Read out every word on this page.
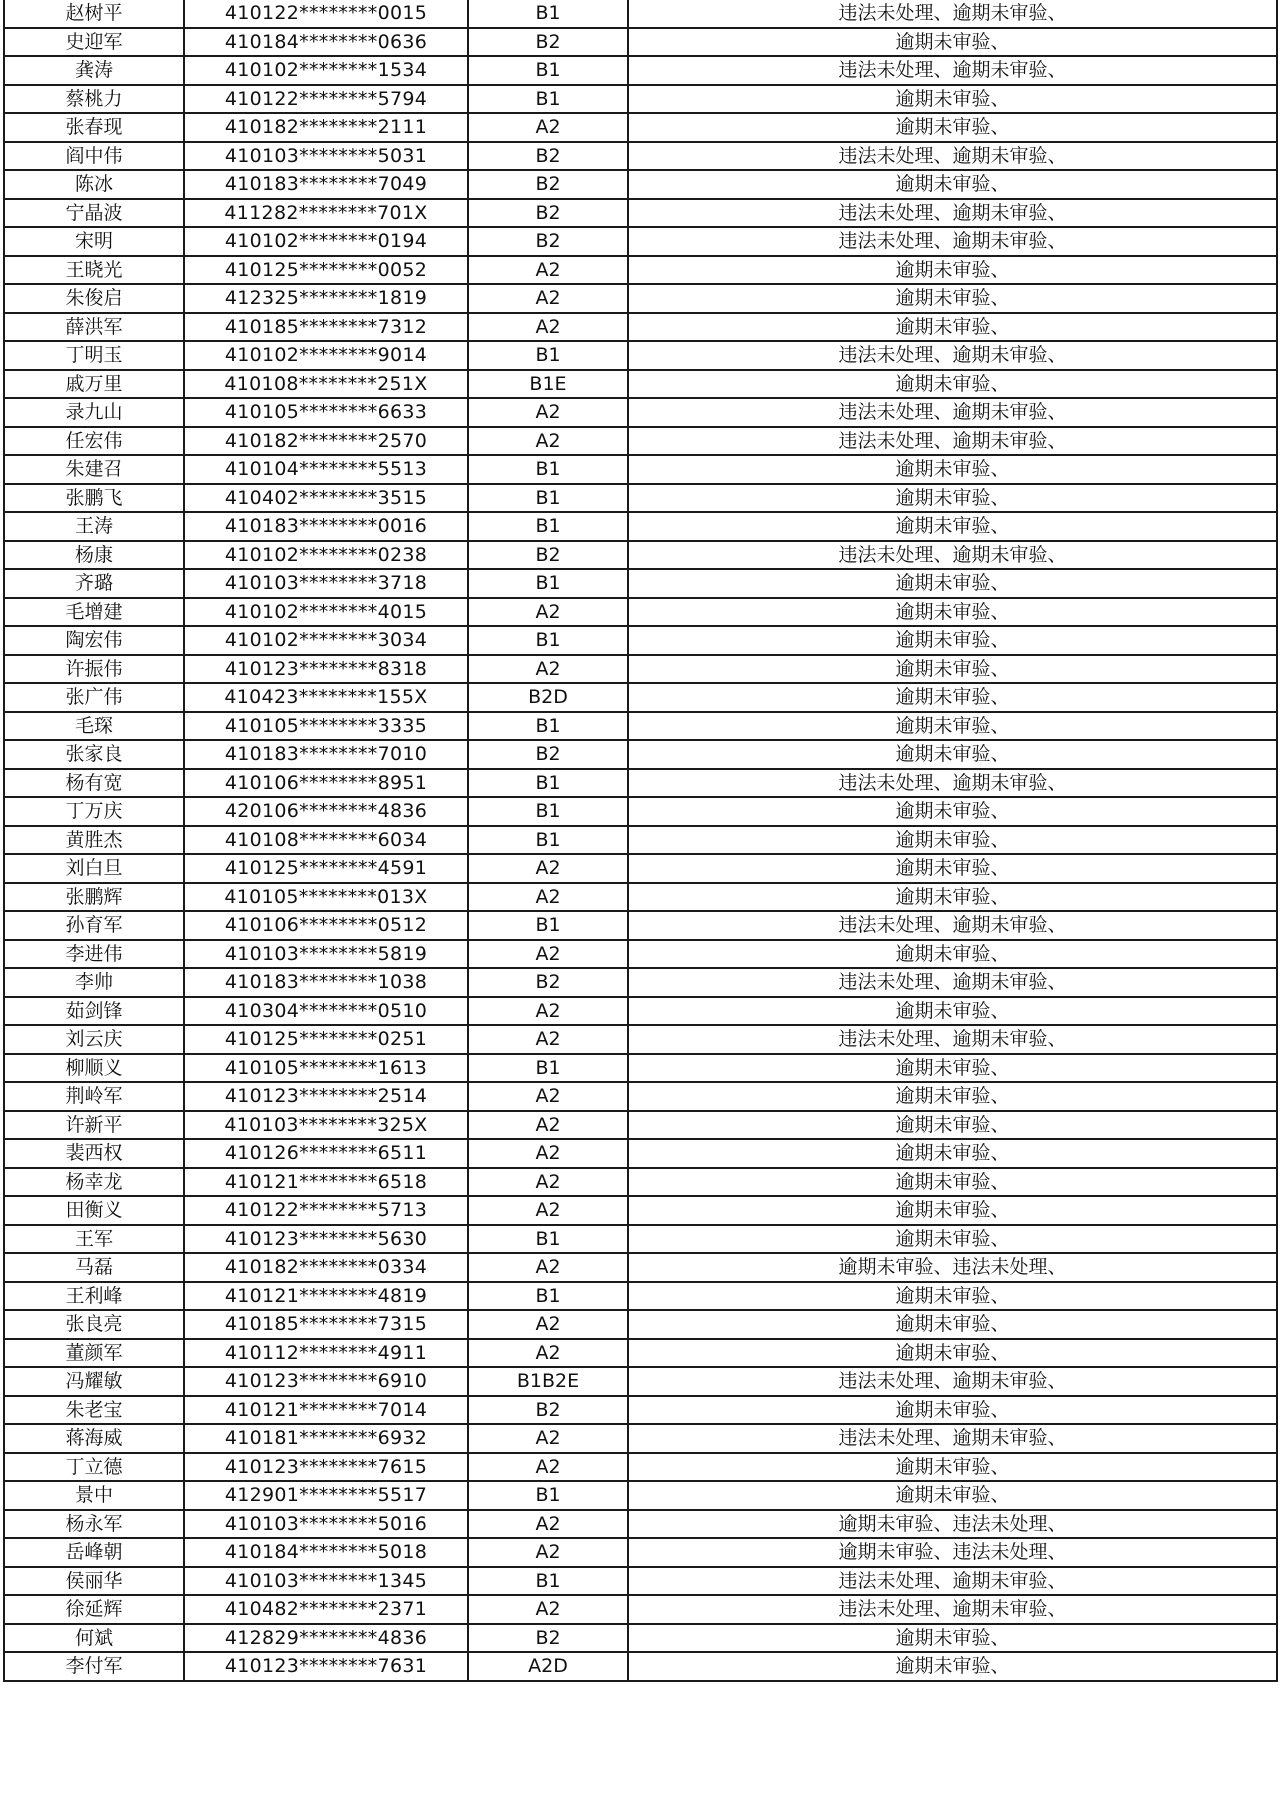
赵树平	410122********0015	B1	违法未处理、逾期未审验、
史迎军	410184********0636	B2	逾期未审验、
龚涛	410102********1534	B1	违法未处理、逾期未审验、
蔡桃力	410122********5794	B1	逾期未审验、
张春现	410182********2111	A2	逾期未审验、
阎中伟	410103********5031	B2	违法未处理、逾期未审验、
陈冰	410183********7049	B2	逾期未审验、
宁晶波	411282********701X	B2	违法未处理、逾期未审验、
宋明	410102********0194	B2	违法未处理、逾期未审验、
王晓光	410125********0052	A2	逾期未审验、
朱俊启	412325********1819	A2	逾期未审验、
薛洪军	410185********7312	A2	逾期未审验、
丁明玉	410102********9014	B1	违法未处理、逾期未审验、
戚万里	410108********251X	B1E	逾期未审验、
录九山	410105********6633	A2	违法未处理、逾期未审验、
任宏伟	410182********2570	A2	违法未处理、逾期未审验、
朱建召	410104********5513	B1	逾期未审验、
张鹏飞	410402********3515	B1	逾期未审验、
王涛	410183********0016	B1	逾期未审验、
杨康	410102********0238	B2	违法未处理、逾期未审验、
齐璐	410103********3718	B1	逾期未审验、
毛增建	410102********4015	A2	逾期未审验、
陶宏伟	410102********3034	B1	逾期未审验、
许振伟	410123********8318	A2	逾期未审验、
张广伟	410423********155X	B2D	逾期未审验、
毛琛	410105********3335	B1	逾期未审验、
张家良	410183********7010	B2	逾期未审验、
杨有宽	410106********8951	B1	违法未处理、逾期未审验、
丁万庆	420106********4836	B1	逾期未审验、
黄胜杰	410108********6034	B1	逾期未审验、
刘白旦	410125********4591	A2	逾期未审验、
张鹏辉	410105********013X	A2	逾期未审验、
孙育军	410106********0512	B1	违法未处理、逾期未审验、
李进伟	410103********5819	A2	逾期未审验、
李帅	410183********1038	B2	违法未处理、逾期未审验、
茹剑锋	410304********0510	A2	逾期未审验、
刘云庆	410125********0251	A2	违法未处理、逾期未审验、
柳顺义	410105********1613	B1	逾期未审验、
荆岭军	410123********2514	A2	逾期未审验、
许新平	410103********325X	A2	逾期未审验、
裴西权	410126********6511	A2	逾期未审验、
杨幸龙	410121********6518	A2	逾期未审验、
田衡义	410122********5713	A2	逾期未审验、
王军	410123********5630	B1	逾期未审验、
马磊	410182********0334	A2	逾期未审验、违法未处理、
王利峰	410121********4819	B1	逾期未审验、
张良亮	410185********7315	A2	逾期未审验、
董颜军	410112********4911	A2	逾期未审验、
冯耀敏	410123********6910	B1B2E	违法未处理、逾期未审验、
朱老宝	410121********7014	B2	逾期未审验、
蒋海威	410181********6932	A2	违法未处理、逾期未审验、
丁立德	410123********7615	A2	逾期未审验、
景中	412901********5517	B1	逾期未审验、
杨永军	410103********5016	A2	逾期未审验、违法未处理、
岳峰朝	410184********5018	A2	逾期未审验、违法未处理、
侯丽华	410103********1345	B1	违法未处理、逾期未审验、
徐延辉	410482********2371	A2	违法未处理、逾期未审验、
何斌	412829********4836	B2	逾期未审验、
李付军	410123********7631	A2D	逾期未审验、
